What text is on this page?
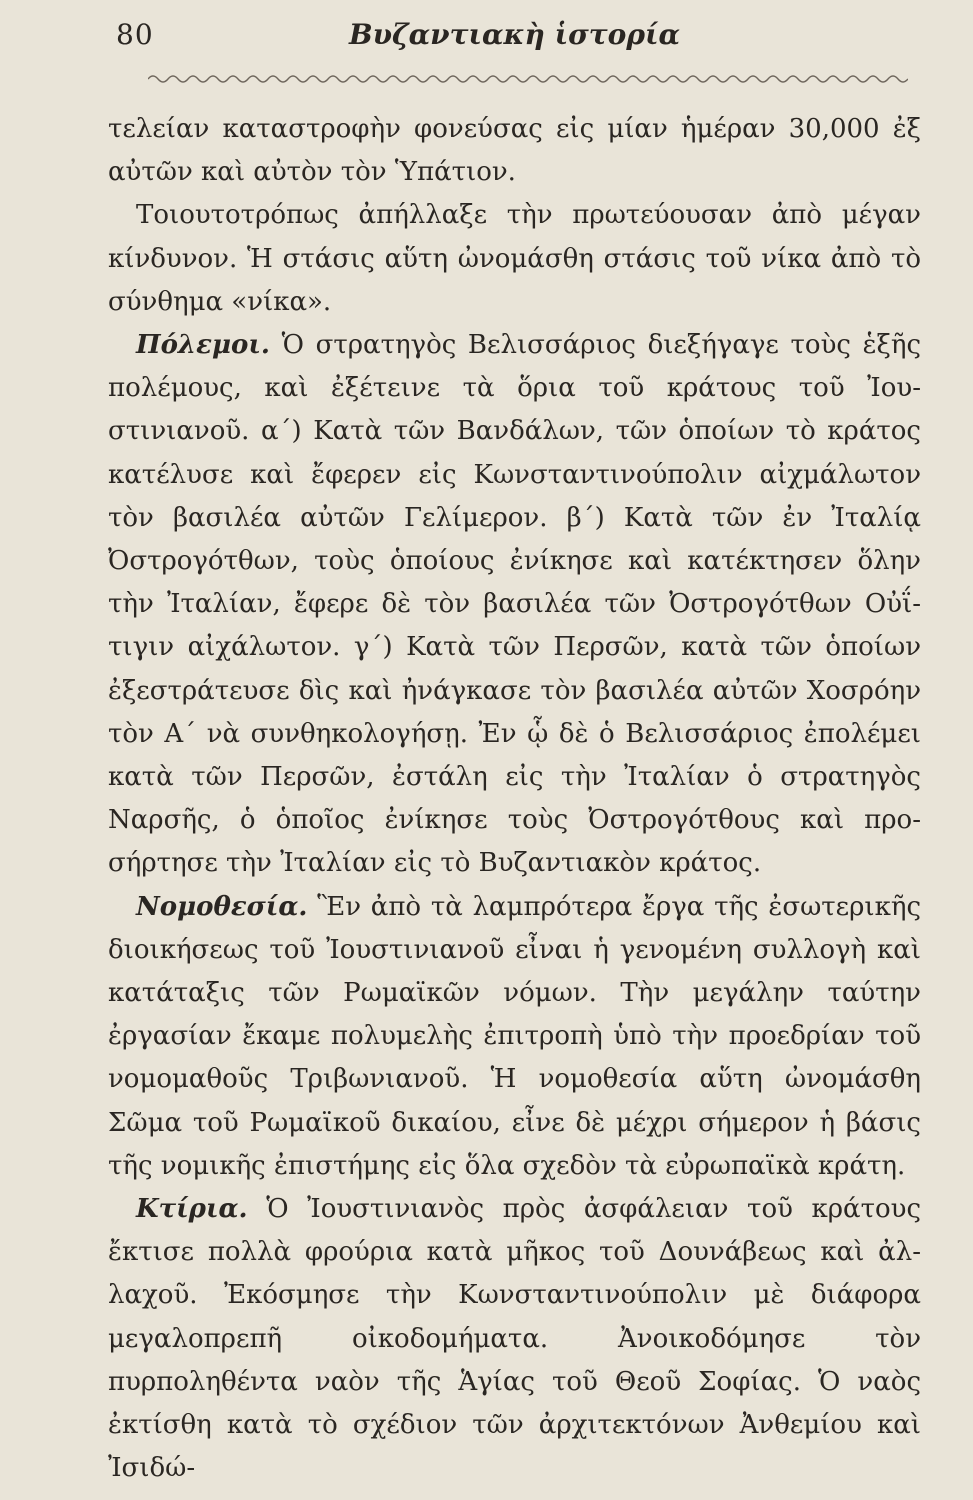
80	Βυζαντιακὴ ἱστορία

τελείαν καταστροφὴν φονεύσας εἰς μίαν ἡμέραν 30,000 ἐξ αὐτῶν καὶ αὐτὸν τὸν Ὑπάτιον.

Τοιουτοτρόπως ἀπήλλαξε τὴν πρωτεύουσαν ἀπὸ μέγαν κίνδυνον. Ἡ στάσις αὕτη ὠνομάσθη στάσις τοῦ νίκα ἀπὸ τὸ σύνθημα «νίκα».

Πόλεμοι. Ὁ στρατηγὸς Βελισσάριος διεξήγαγε τοὺς ἑξῆς πολέμους, καὶ ἐξέτεινε τὰ ὅρια τοῦ κράτους τοῦ Ἰουστινιανοῦ. α΄) Κατὰ τῶν Βανδάλων, τῶν ὁποίων τὸ κράτος κατέλυσε καὶ ἔφερεν εἰς Κωνσταντινούπολιν αἰχμάλωτον τὸν βασιλέα αὐτῶν Γελίμερον. β΄) Κατὰ τῶν ἐν Ἰταλίᾳ Ὀστρογότθων, τοὺς ὁποίους ἐνίκησε καὶ κατέκτησεν ὅλην τὴν Ἰταλίαν, ἔφερε δὲ τὸν βασιλέα τῶν Ὀστρογότθων Οὐΐτιγιν αἰχάλωτον. γ΄) Κατὰ τῶν Περσῶν, κατὰ τῶν ὁποίων ἐξεστράτευσε δὶς καὶ ἠνάγκασε τὸν βασιλέα αὐτῶν Χοσρόην τὸν Α΄ νὰ συνθηκολογήσῃ. Ἐν ᾧ δὲ ὁ Βελισσάριος ἐπολέμει κατὰ τῶν Περσῶν, ἐστάλη εἰς τὴν Ἰταλίαν ὁ στρατηγὸς Ναρσῆς, ὁ ὁποῖος ἐνίκησε τοὺς Ὀστρογότθους καὶ προσήρτησε τὴν Ἰταλίαν εἰς τὸ Βυζαντιακὸν κράτος.

Νομοθεσία. Ἓν ἀπὸ τὰ λαμπρότερα ἔργα τῆς ἐσωτερικῆς διοικήσεως τοῦ Ἰουστινιανοῦ εἶναι ἡ γενομένη συλλογὴ καὶ κατάταξις τῶν Ρωμαϊκῶν νόμων. Τὴν μεγάλην ταύτην ἐργασίαν ἔκαμε πολυμελὴς ἐπιτροπὴ ὑπὸ τὴν προεδρίαν τοῦ νομομαθοῦς Τριβωνιανοῦ. Ἡ νομοθεσία αὕτη ὠνομάσθη Σῶμα τοῦ Ρωμαϊκοῦ δικαίου, εἶνε δὲ μέχρι σήμερον ἡ βάσις τῆς νομικῆς ἐπιστήμης εἰς ὅλα σχεδὸν τὰ εὐρωπαϊκὰ κράτη.

Κτίρια. Ὁ Ἰουστινιανὸς πρὸς ἀσφάλειαν τοῦ κράτους ἔκτισε πολλὰ φρούρια κατὰ μῆκος τοῦ Δουνάβεως καὶ ἀλλαχοῦ. Ἐκόσμησε τὴν Κωνσταντινούπολιν μὲ διάφορα μεγαλοπρεπῆ οἰκοδομήματα. Ἀνοικοδόμησε τὸν πυρποληθέντα ναὸν τῆς Ἁγίας τοῦ Θεοῦ Σοφίας. Ὁ ναὸς ἐκτίσθη κατὰ τὸ σχέδιον τῶν ἀρχιτεκτόνων Ἀνθεμίου καὶ Ἰσιδώ-
